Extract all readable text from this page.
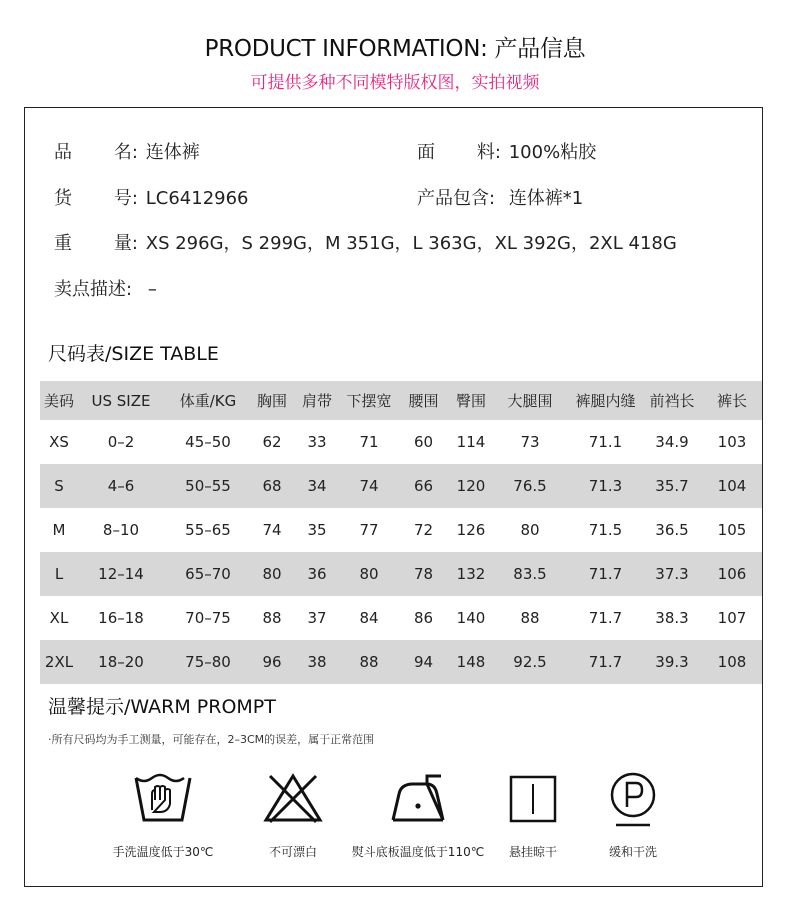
PRODUCT INFORMATION: 产品信息
可提供多种不同模特版权图，实拍视频
品 名: 连体裤	面 料: 100%粘胶
货 号: LC6412966	产品包含: 连体裤*1
重 量: XS 296G，S 299G，M 351G，L 363G，XL 392G，2XL 418G
卖点描述: –
尺码表/SIZE TABLE
美码	US SIZE	体重/KG	胸围	肩带	下摆宽	腰围	臀围	大腿围	裤腿内缝	前裆长	裤长
XS	0–2	45–50	62	33	71	60	114	73	71.1	34.9	103
S	4–6	50–55	68	34	74	66	120	76.5	71.3	35.7	104
M	8–10	55–65	74	35	77	72	126	80	71.5	36.5	105
L	12–14	65–70	80	36	80	78	132	83.5	71.7	37.3	106
XL	16–18	70–75	88	37	84	86	140	88	71.7	38.3	107
2XL	18–20	75–80	96	38	88	94	148	92.5	71.7	39.3	108
温馨提示/WARM PROMPT
·所有尺码均为手工测量，可能存在，2–3CM的误差，属于正常范围
手洗温度低于30℃	不可漂白	熨斗底板温度低于110℃ 悬挂晾干	缓和干洗
